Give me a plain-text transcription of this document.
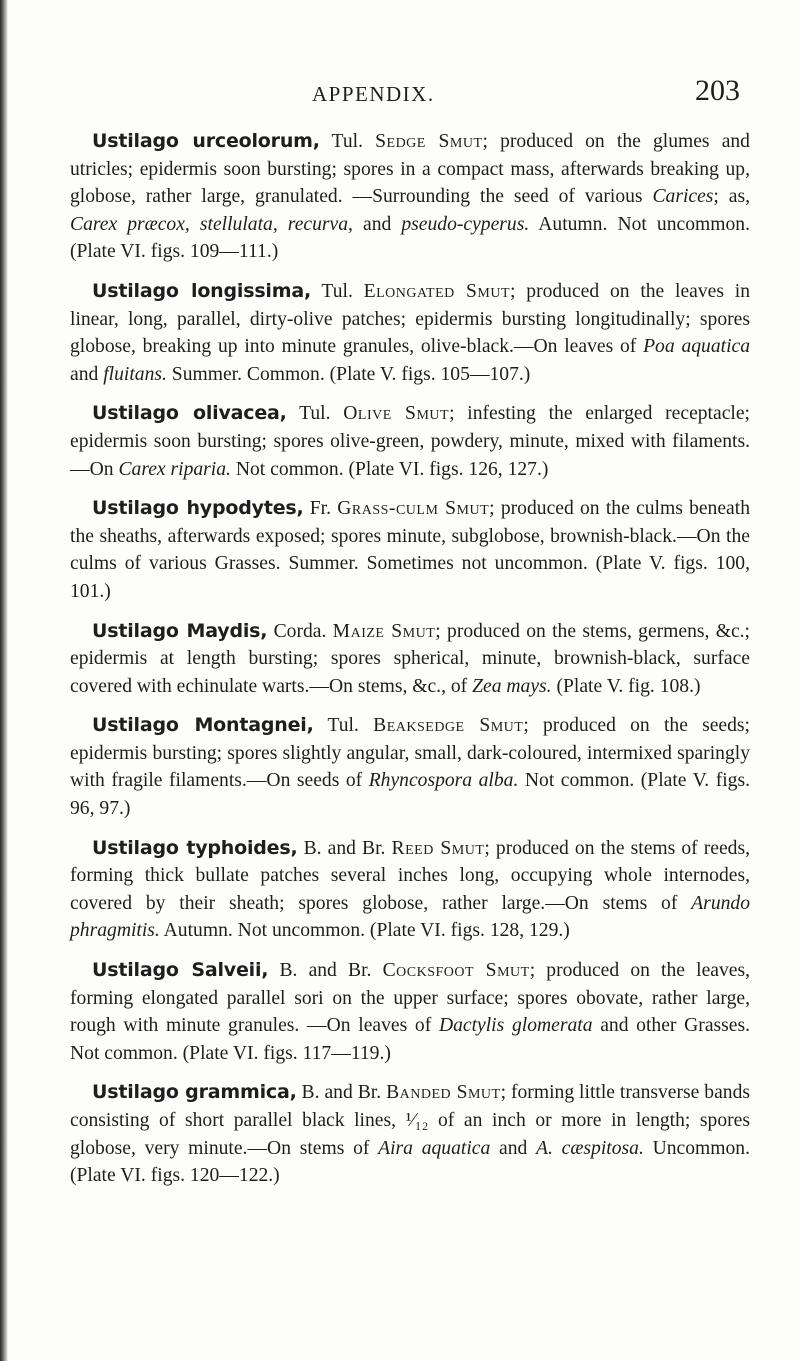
APPENDIX.	203

Ustilago urceolorum, Tul. Sedge Smut; produced on the glumes and utricles; epidermis soon bursting; spores in a compact mass, afterwards breaking up, globose, rather large, granulated. —Surrounding the seed of various Carices; as, Carex præcox, stellulata, recurva, and pseudo-cyperus. Autumn. Not uncommon. (Plate VI. figs. 109—111.)

Ustilago longissima, Tul. Elongated Smut; produced on the leaves in linear, long, parallel, dirty-olive patches; epidermis bursting longitudinally; spores globose, breaking up into minute granules, olive-black.—On leaves of Poa aquatica and fluitans. Summer. Common. (Plate V. figs. 105—107.)

Ustilago olivacea, Tul. Olive Smut; infesting the enlarged receptacle; epidermis soon bursting; spores olive-green, powdery, minute, mixed with filaments.—On Carex riparia. Not common. (Plate VI. figs. 126, 127.)

Ustilago hypodytes, Fr. Grass-culm Smut; produced on the culms beneath the sheaths, afterwards exposed; spores minute, subglobose, brownish-black.—On the culms of various Grasses. Summer. Sometimes not uncommon. (Plate V. figs. 100, 101.)

Ustilago Maydis, Corda. Maize Smut; produced on the stems, germens, &c.; epidermis at length bursting; spores spherical, minute, brownish-black, surface covered with echinulate warts.—On stems, &c., of Zea mays. (Plate V. fig. 108.)

Ustilago Montagnei, Tul. Beaksedge Smut; produced on the seeds; epidermis bursting; spores slightly angular, small, dark-coloured, intermixed sparingly with fragile filaments.—On seeds of Rhyncospora alba. Not common. (Plate V. figs. 96, 97.)

Ustilago typhoides, B. and Br. Reed Smut; produced on the stems of reeds, forming thick bullate patches several inches long, occupying whole internodes, covered by their sheath; spores globose, rather large.—On stems of Arundo phragmitis. Autumn. Not uncommon. (Plate VI. figs. 128, 129.)

Ustilago Salveii, B. and Br. Cocksfoot Smut; produced on the leaves, forming elongated parallel sori on the upper surface; spores obovate, rather large, rough with minute granules. —On leaves of Dactylis glomerata and other Grasses. Not common. (Plate VI. figs. 117—119.)

Ustilago grammica, B. and Br. Banded Smut; forming little transverse bands consisting of short parallel black lines, ¹⁄₁₂ of an inch or more in length; spores globose, very minute.—On stems of Aira aquatica and A. cæspitosa. Uncommon. (Plate VI. figs. 120—122.)
